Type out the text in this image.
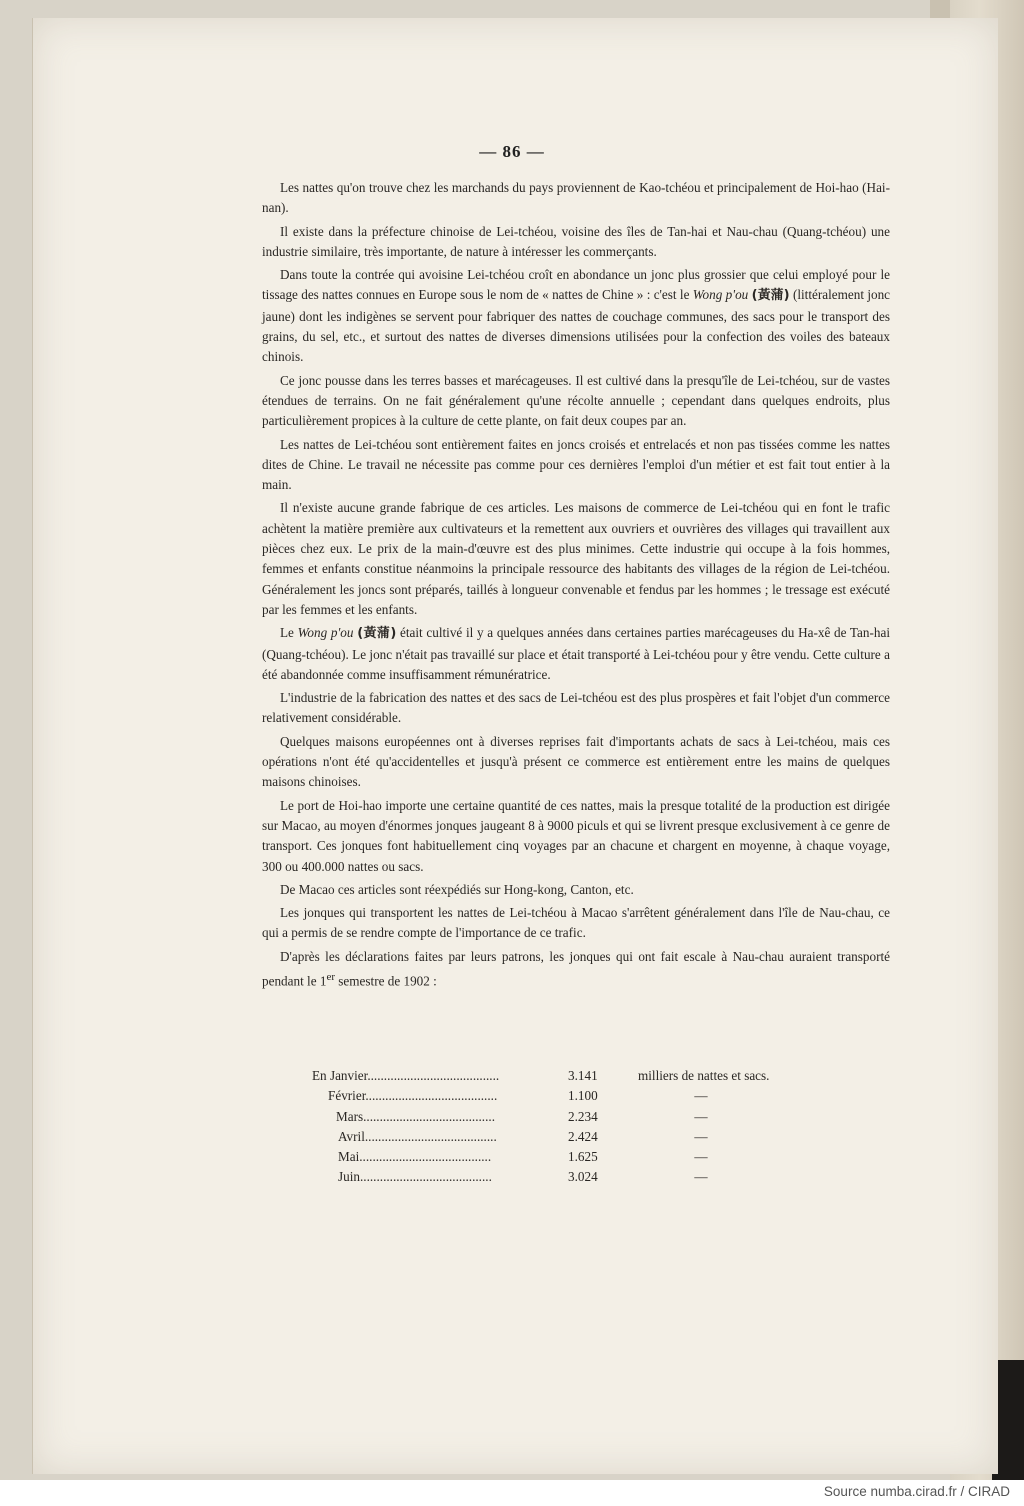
— 86 —

Les nattes qu'on trouve chez les marchands du pays proviennent de Kao-tchéou et principalement de Hoi-hao (Hai-nan).

Il existe dans la préfecture chinoise de Lei-tchéou, voisine des îles de Tan-hai et Nau-chau (Quang-tchéou) une industrie similaire, très importante, de nature à intéresser les commerçants.

Dans toute la contrée qui avoisine Lei-tchéou croît en abondance un jonc plus grossier que celui employé pour le tissage des nattes connues en Europe sous le nom de « nattes de Chine » : c'est le Wong p'ou (黃蒲) (littéralement jonc jaune) dont les indigènes se servent pour fabriquer des nattes de couchage communes, des sacs pour le transport des grains, du sel, etc., et surtout des nattes de diverses dimensions utilisées pour la confection des voiles des bateaux chinois.

Ce jonc pousse dans les terres basses et marécageuses. Il est cultivé dans la presqu'île de Lei-tchéou, sur de vastes étendues de terrains. On ne fait généralement qu'une récolte annuelle ; cependant dans quelques endroits, plus particulièrement propices à la culture de cette plante, on fait deux coupes par an.

Les nattes de Lei-tchéou sont entièrement faites en joncs croisés et entrelacés et non pas tissées comme les nattes dites de Chine. Le travail ne nécessite pas comme pour ces dernières l'emploi d'un métier et est fait tout entier à la main.

Il n'existe aucune grande fabrique de ces articles. Les maisons de commerce de Lei-tchéou qui en font le trafic achètent la matière première aux cultivateurs et la remettent aux ouvriers et ouvrières des villages qui travaillent aux pièces chez eux. Le prix de la main-d'œuvre est des plus minimes. Cette industrie qui occupe à la fois hommes, femmes et enfants constitue néanmoins la principale ressource des habitants des villages de la région de Lei-tchéou. Généralement les joncs sont préparés, taillés à longueur convenable et fendus par les hommes ; le tressage est exécuté par les femmes et les enfants.

Le Wong p'ou (黃蒲) était cultivé il y a quelques années dans certaines parties marécageuses du Ha-xê de Tan-hai (Quang-tchéou). Le jonc n'était pas travaillé sur place et était transporté à Lei-tchéou pour y être vendu. Cette culture a été abandonnée comme insuffisamment rémunératrice.

L'industrie de la fabrication des nattes et des sacs de Lei-tchéou est des plus prospères et fait l'objet d'un commerce relativement considérable.

Quelques maisons européennes ont à diverses reprises fait d'importants achats de sacs à Lei-tchéou, mais ces opérations n'ont été qu'accidentelles et jusqu'à présent ce commerce est entièrement entre les mains de quelques maisons chinoises.

Le port de Hoi-hao importe une certaine quantité de ces nattes, mais la presque totalité de la production est dirigée sur Macao, au moyen d'énormes jonques jaugeant 8 à 9000 piculs et qui se livrent presque exclusivement à ce genre de transport. Ces jonques font habituellement cinq voyages par an chacune et chargent en moyenne, à chaque voyage, 300 ou 400.000 nattes ou sacs.

De Macao ces articles sont réexpédiés sur Hong-kong, Canton, etc.

Les jonques qui transportent les nattes de Lei-tchéou à Macao s'arrêtent généralement dans l'île de Nau-chau, ce qui a permis de se rendre compte de l'importance de ce trafic.

D'après les déclarations faites par leurs patrons, les jonques qui ont fait escale à Nau-chau auraient transporté pendant le 1er semestre de 1902 :

En Janvier........................................	3.141	milliers de nattes et sacs.
Février........................................	1.100	—
Mars........................................	2.234	—
Avril........................................	2.424	—
Mai........................................	1.625	—
Juin........................................	3.024	—
Source numba.cirad.fr / CIRAD
